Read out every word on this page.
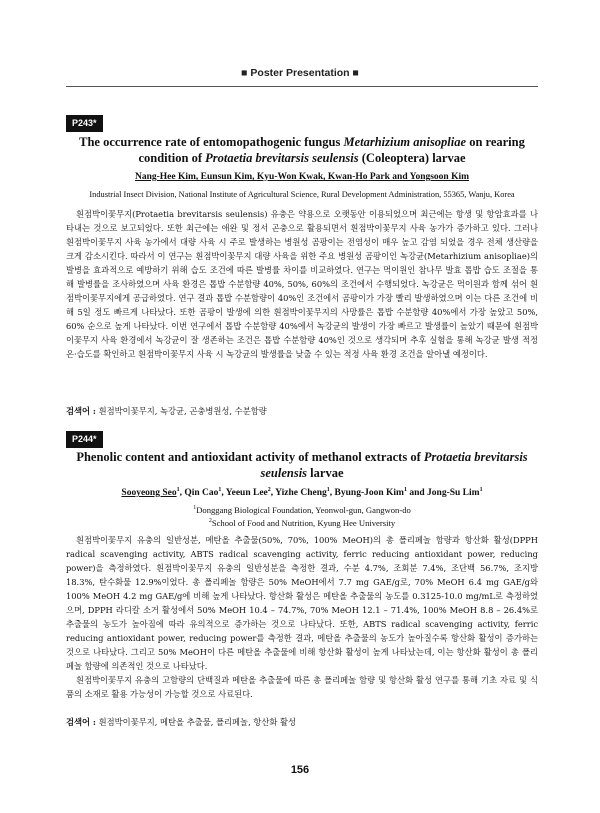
■ Poster Presentation ■
P243*
The occurrence rate of entomopathogenic fungus Metarhizium anisopliae on rearing condition of Protaetia brevitarsis seulensis (Coleoptera) larvae
Nang-Hee Kim, Eunsun Kim, Kyu-Won Kwak, Kwan-Ho Park and Yongsoon Kim
Industrial Insect Division, National Institute of Agricultural Science, Rural Development Administration, 55365, Wanju, Korea

흰점박이꽃무지(Protaetia brevitarsis seulensis) 유충은 약용으로 오랫동안 이용되었으며 최근에는 항생 및 항암효과를 나타내는 것으로 보고되었다. 또한 최근에는 애완 및 정서 곤충으로 활용되면서 흰점박이꽃무지 사육 농가가 증가하고 있다. 그러나 흰점박이꽃무지 사육 농가에서 대량 사육 시 주로 발생하는 병원성 곰팡이는 전염성이 매우 높고 감염 되었을 경우 전체 생산량을 크게 감소시킨다. 따라서 이 연구는 흰점박이꽃무지 대량 사육을 위한 주요 병원성 곰팡이인 녹강균(Metarhizium anisopliae)의 발병을 효과적으로 예방하기 위해 습도 조건에 따른 발병률 차이를 비교하였다. 연구는 먹이원인 참나무 발효 톱밥 습도 조절을 통해 발병률을 조사하였으며 사육 환경은 톱밥 수분함량 40%, 50%, 60%의 조건에서 수행되었다. 녹강균은 먹이원과 함께 섞어 흰점박이꽃무지에게 공급하였다. 연구 결과 톱밥 수분함량이 40%인 조건에서 곰팡이가 가장 빨리 발생하였으며 이는 다른 조건에 비해 5일 정도 빠르게 나타났다. 또한 곰팡이 발생에 의한 흰점박이꽃무지의 사망률은 톱밥 수분함량 40%에서 가장 높았고 50%, 60% 순으로 높게 나타났다. 이번 연구에서 톱밥 수분함량 40%에서 녹강균의 발생이 가장 빠르고 발생률이 높았기 때문에 흰점박이꽃무지 사육 환경에서 녹강균이 잘 생존하는 조건은 톱밥 수분함량 40%인 것으로 생각되며 추후 실험을 통해 녹강균 발생 적정 온·습도를 확인하고 흰점박이꽃무지 사육 시 녹강균의 발생률을 낮출 수 있는 적정 사육 환경 조건을 알아낼 예정이다.

검색어 : 흰점박이꽃무지, 녹강균, 곤충병원성, 수분함량
P244*
Phenolic content and antioxidant activity of methanol extracts of Protaetia brevitarsis seulensis larvae
Sooyeong Seo$^1$, Qin Cao$^1$, Yeeun Lee$^2$, Yizhe Cheng$^1$, Byung-Joon Kim$^1$ and Jong-Su Lim$^1$
$^1$Donggang Biological Foundation, Yeonwol-gun, Gangwon-do
$^2$School of Food and Nutrition, Kyung Hee University

흰점박이꽃무지 유충의 일반성분, 메탄올 추출물(50%, 70%, 100% MeOH)의 총 폴리페놀 함량과 항산화 활성(DPPH radical scavenging activity, ABTS radical scavenging activity, ferric reducing antioxidant power, reducing power)을 측정하였다. 흰점박이꽃무지 유충의 일반성분을 측정한 결과, 수분 4.7%, 조회분 7.4%, 조단백 56.7%, 조지방 18.3%, 탄수화물 12.9%이었다. 총 폴리페놀 함량은 50% MeOH에서 7.7 mg GAE/g로, 70% MeOH 6.4 mg GAE/g와 100% MeOH 4.2 mg GAE/g에 비해 높게 나타났다. 항산화 활성은 메탄올 추출물의 농도를 0.3125-10.0 mg/mL로 측정하였으며, DPPH 라디칼 소거 활성에서 50% MeOH 10.4 – 74.7%, 70% MeOH 12.1 – 71.4%, 100% MeOH 8.8 – 26.4%로 추출물의 농도가 높아짐에 따라 유의적으로 증가하는 것으로 나타났다. 또한, ABTS radical scavenging activity, ferric reducing antioxidant power, reducing power를 측정한 결과, 메탄올 추출물의 농도가 높아질수록 항산화 활성이 증가하는 것으로 나타났다. 그리고 50% MeOH이 다른 메탄올 추출물에 비해 항산화 활성이 높게 나타났는데, 이는 항산화 활성이 총 폴리페놀 함량에 의존적인 것으로 나타났다.

흰점박이꽃무지 유충의 고함량의 단백질과 메탄올 추출물에 따른 총 폴리페놀 함량 및 항산화 활성 연구를 통해 기초 자료 및 식품의 소재로 활용 가능성이 가능할 것으로 사료된다.

검색어 : 흰점박이꽃무지, 메탄올 추출물, 폴리페놀, 항산화 활성
156
